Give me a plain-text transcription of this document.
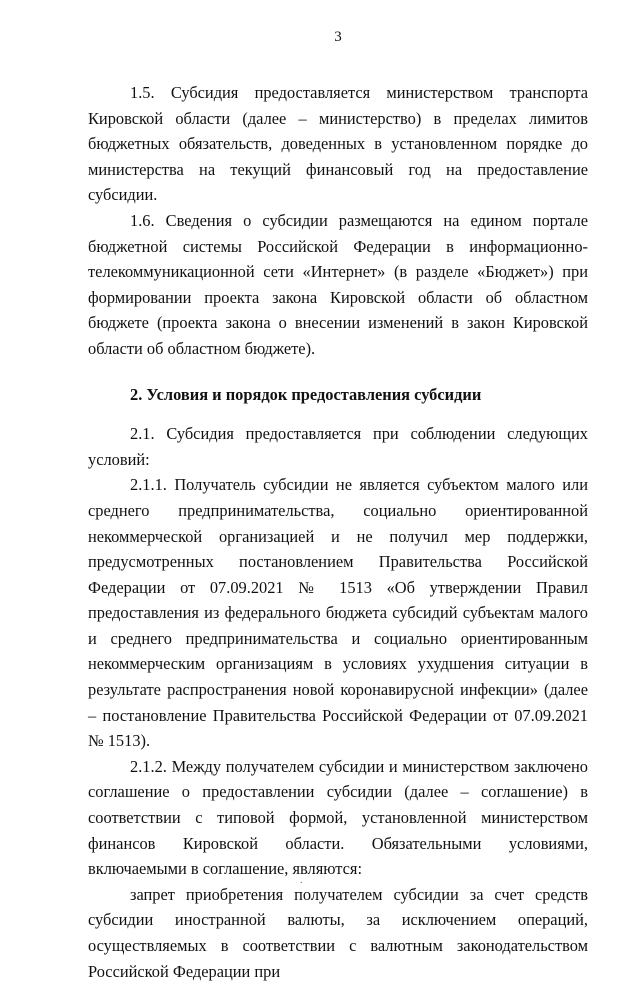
3

1.5. Субсидия предоставляется министерством транспорта Кировской области (далее – министерство) в пределах лимитов бюджетных обязательств, доведенных в установленном порядке до министерства на текущий финансовый год на предоставление субсидии.

1.6. Сведения о субсидии размещаются на едином портале бюджетной системы Российской Федерации в информационно-телекоммуникационной сети «Интернет» (в разделе «Бюджет») при формировании проекта закона Кировской области об областном бюджете (проекта закона о внесении изменений в закон Кировской области об областном бюджете).

2. Условия и порядок предоставления субсидии

2.1. Субсидия предоставляется при соблюдении следующих условий:

2.1.1. Получатель субсидии не является субъектом малого или среднего предпринимательства, социально ориентированной некоммерческой организацией и не получил мер поддержки, предусмотренных постановлением Правительства Российской Федерации от 07.09.2021 № 1513 «Об утверждении Правил предоставления из федерального бюджета субсидий субъектам малого и среднего предпринимательства и социально ориентированным некоммерческим организациям в условиях ухудшения ситуации в результате распространения новой коронавирусной инфекции» (далее – постановление Правительства Российской Федерации от 07.09.2021 № 1513).

2.1.2. Между получателем субсидии и министерством заключено соглашение о предоставлении субсидии (далее – соглашение) в соответствии с типовой формой, установленной министерством финансов Кировской области. Обязательными условиями, включаемыми в соглашение, являются:

запрет приобретения получателем субсидии за счет средств субсидии иностранной валюты, за исключением операций, осуществляемых в соответствии с валютным законодательством Российской Федерации при

.
